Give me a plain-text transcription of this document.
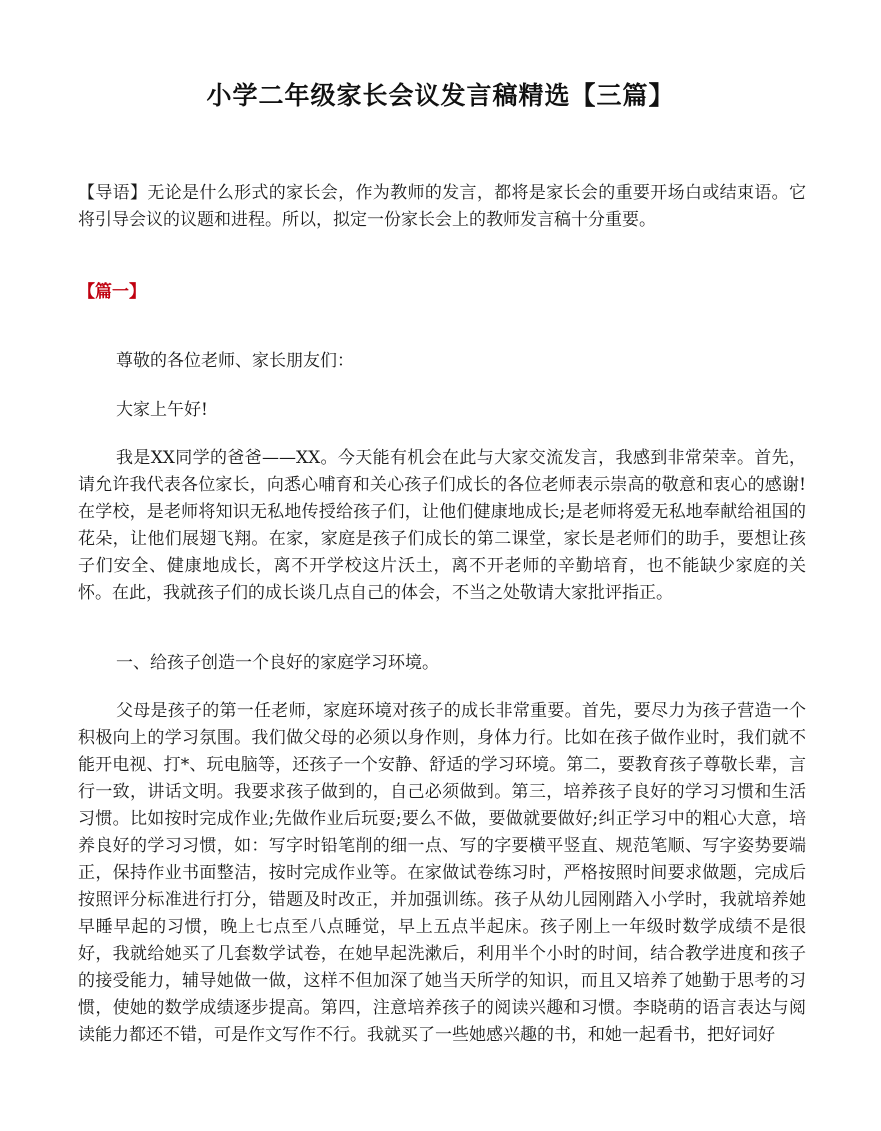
小学二年级家长会议发言稿精选【三篇】

【导语】无论是什么形式的家长会，作为教师的发言，都将是家长会的重要开场白或结束语。它将引导会议的议题和进程。所以，拟定一份家长会上的教师发言稿十分重要。

【篇一】

尊敬的各位老师、家长朋友们：

大家上午好!

我是XX同学的爸爸——XX。今天能有机会在此与大家交流发言，我感到非常荣幸。首先，请允许我代表各位家长，向悉心哺育和关心孩子们成长的各位老师表示崇高的敬意和衷心的感谢!在学校，是老师将知识无私地传授给孩子们，让他们健康地成长;是老师将爱无私地奉献给祖国的花朵，让他们展翅飞翔。在家，家庭是孩子们成长的第二课堂，家长是老师们的助手，要想让孩子们安全、健康地成长，离不开学校这片沃土，离不开老师的辛勤培育，也不能缺少家庭的关怀。在此，我就孩子们的成长谈几点自己的体会，不当之处敬请大家批评指正。

一、给孩子创造一个良好的家庭学习环境。

父母是孩子的第一任老师，家庭环境对孩子的成长非常重要。首先，要尽力为孩子营造一个积极向上的学习氛围。我们做父母的必须以身作则，身体力行。比如在孩子做作业时，我们就不能开电视、打*、玩电脑等，还孩子一个安静、舒适的学习环境。第二，要教育孩子尊敬长辈，言行一致，讲话文明。我要求孩子做到的，自己必须做到。第三，培养孩子良好的学习习惯和生活习惯。比如按时完成作业;先做作业后玩耍;要么不做，要做就要做好;纠正学习中的粗心大意，培养良好的学习习惯，如：写字时铅笔削的细一点、写的字要横平竖直、规范笔顺、写字姿势要端正，保持作业书面整洁，按时完成作业等。在家做试卷练习时，严格按照时间要求做题，完成后按照评分标准进行打分，错题及时改正，并加强训练。孩子从幼儿园刚踏入小学时，我就培养她早睡早起的习惯，晚上七点至八点睡觉，早上五点半起床。孩子刚上一年级时数学成绩不是很好，我就给她买了几套数学试卷，在她早起洗漱后，利用半个小时的时间，结合教学进度和孩子的接受能力，辅导她做一做，这样不但加深了她当天所学的知识，而且又培养了她勤于思考的习惯，使她的数学成绩逐步提高。第四，注意培养孩子的阅读兴趣和习惯。李晓萌的语言表达与阅读能力都还不错，可是作文写作不行。我就买了一些她感兴趣的书，和她一起看书，把好词好
